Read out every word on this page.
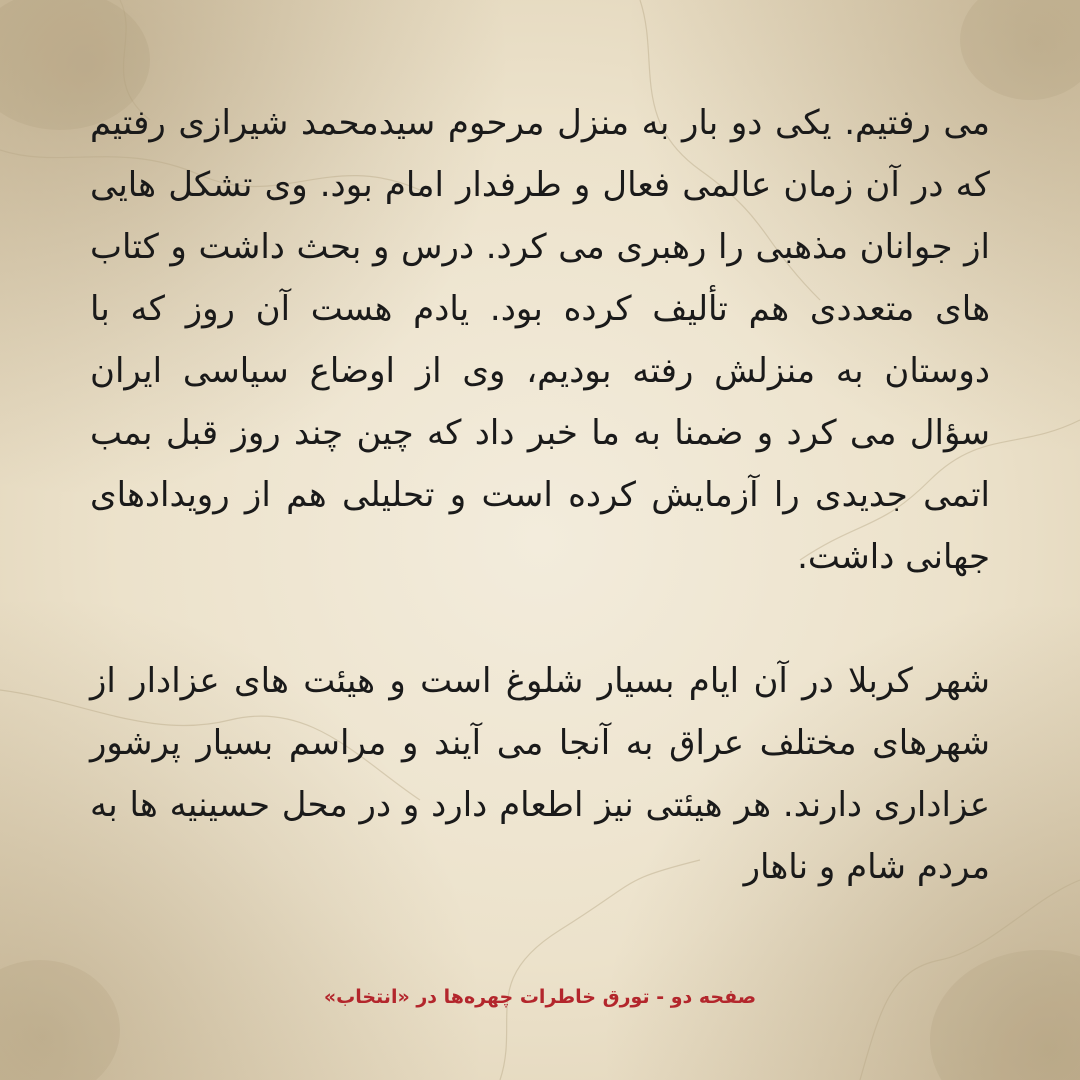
می رفتیم. یکی دو بار به منزل مرحوم سیدمحمد شیرازی رفتیم که در آن زمان عالمی فعال و طرفدار امام بود. وی تشکل هایی از جوانان مذهبی را رهبری می کرد. درس و بحث داشت و کتاب های متعددی هم تألیف کرده بود. یادم هست آن روز که با دوستان به منزلش رفته بودیم، وی از اوضاع سیاسی ایران سؤال می کرد و ضمنا به ما خبر داد که چین چند روز قبل بمب اتمی جدیدی را آزمایش کرده است و تحلیلی هم از رویدادهای جهانی داشت.

شهر کربلا در آن ایام بسیار شلوغ است و هیئت های عزادار از شهرهای مختلف عراق به آنجا می آیند و مراسم بسیار پرشور عزاداری دارند. هر هیئتی نیز اطعام دارد و در محل حسینیه ها به مردم شام و ناهار

صفحه دو - تورق خاطرات چهره‌ها در «انتخاب»
